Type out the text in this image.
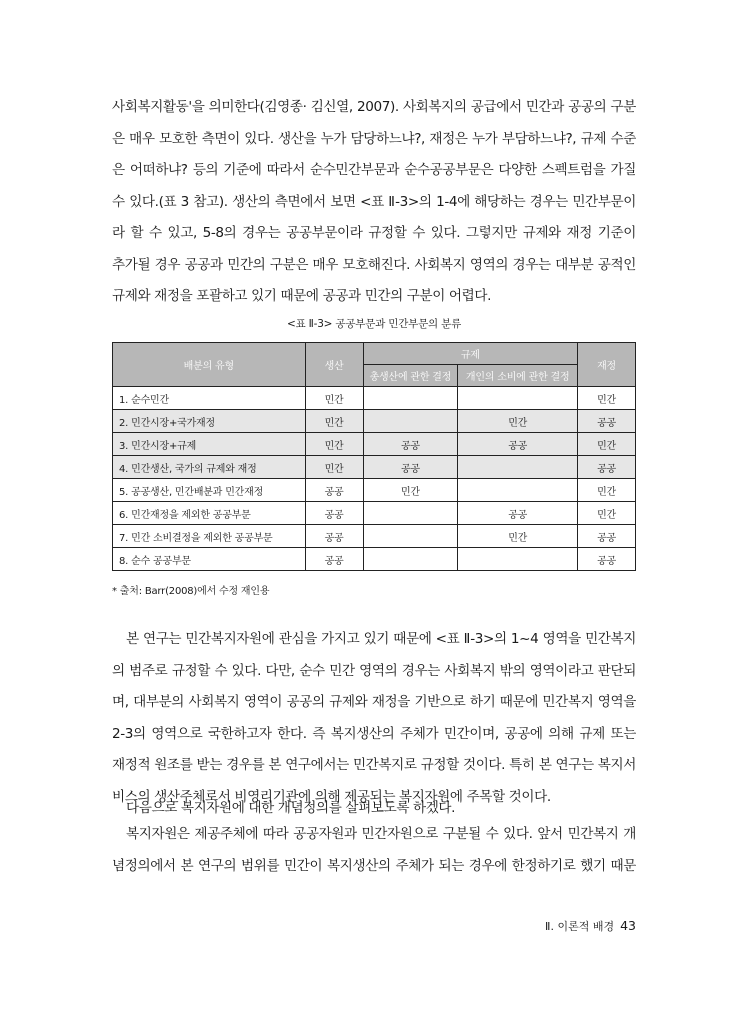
사회복지활동'을 의미한다(김영종· 김신열, 2007). 사회복지의 공급에서 민간과 공공의 구분
은 매우 모호한 측면이 있다. 생산을 누가 담당하느냐?, 재정은 누가 부담하느냐?, 규제 수준
은 어떠하냐? 등의 기준에 따라서 순수민간부문과 순수공공부문은 다양한 스펙트럼을 가질
수 있다.(표 3 참고). 생산의 측면에서 보면 <표 Ⅱ-3>의 1-4에 해당하는 경우는 민간부문이
라 할 수 있고, 5-8의 경우는 공공부문이라 규정할 수 있다. 그렇지만 규제와 재정 기준이
추가될 경우 공공과 민간의 구분은 매우 모호해진다. 사회복지 영역의 경우는 대부분 공적인
규제와 재정을 포괄하고 있기 때문에 공공과 민간의 구분이 어렵다.
<표 Ⅱ-3> 공공부문과 민간부문의 분류
배분의 유형	생산	규제		재정
		총생산에 관한 결정	개인의 소비에 관한 결정	
1. 순수민간	민간			민간
2. 민간시장+국가재정	민간		민간	공공
3. 민간시장+규제	민간	공공	공공	민간
4. 민간생산, 국가의 규제와 재정	민간	공공		공공
5. 공공생산, 민간배분과 민간재정	공공	민간		민간
6. 민간재정을 제외한 공공부문	공공		공공	민간
7. 민간 소비결정을 제외한 공공부문	공공		민간	공공
8. 순수 공공부문	공공			공공
* 출처: Barr(2008)에서 수정 재인용
본 연구는 민간복지자원에 관심을 가지고 있기 때문에 <표 Ⅱ-3>의 1~4 영역을 민간복지
의 범주로 규정할 수 있다. 다만, 순수 민간 영역의 경우는 사회복지 밖의 영역이라고 판단되
며, 대부분의 사회복지 영역이 공공의 규제와 재정을 기반으로 하기 때문에 민간복지 영역을
2-3의 영역으로 국한하고자 한다. 즉 복지생산의 주체가 민간이며, 공공에 의해 규제 또는
재정적 원조를 받는 경우를 본 연구에서는 민간복지로 규정할 것이다. 특히 본 연구는 복지서
비스의 생산주체로서 비영리기관에 의해 제공되는 복지자원에 주목할 것이다.
다음으로 복지자원에 대한 개념정의를 살펴보도록 하겠다.
복지자원은 제공주체에 따라 공공자원과 민간자원으로 구분될 수 있다. 앞서 민간복지 개
념정의에서 본 연구의 범위를 민간이 복지생산의 주체가 되는 경우에 한정하기로 했기 때문
Ⅱ. 이론적 배경 43
